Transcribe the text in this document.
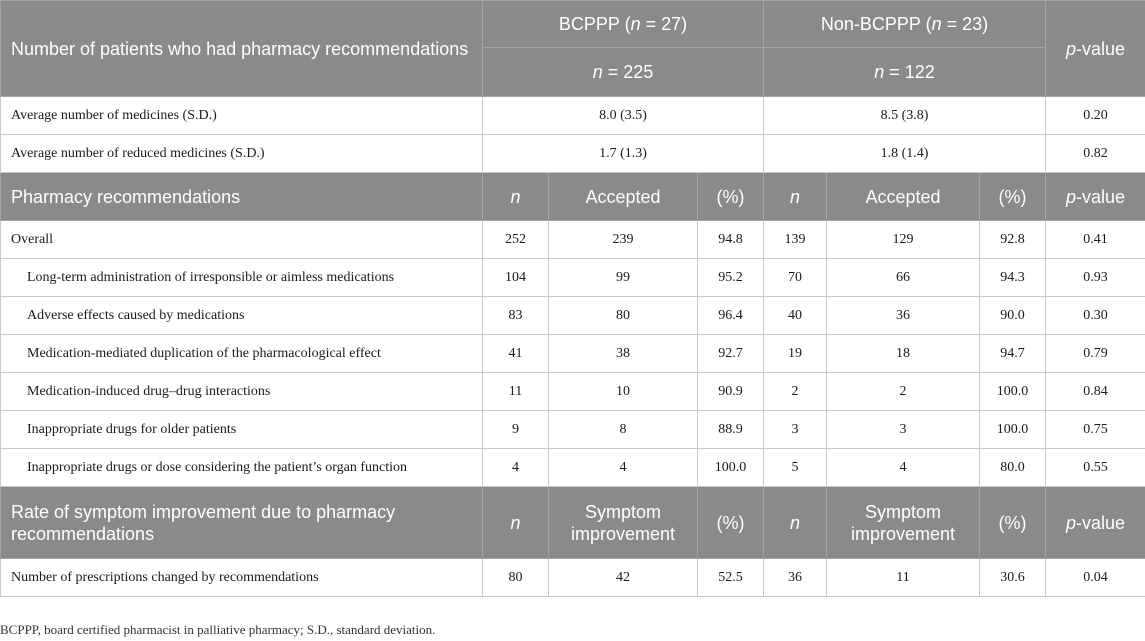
Number of patients who had pharmacy recommendations	BCPPP (n = 27)			Non-BCPPP (n = 23)			p-value
	n = 225			n = 122			
Average number of medicines (S.D.)	8.0 (3.5)			8.5 (3.8)			0.20
Average number of reduced medicines (S.D.)	1.7 (1.3)			1.8 (1.4)			0.82
Pharmacy recommendations	n	Accepted	(%)	n	Accepted	(%)	p-value
Overall	252	239	94.8	139	129	92.8	0.41
Long-term administration of irresponsible or aimless medications	104	99	95.2	70	66	94.3	0.93
Adverse effects caused by medications	83	80	96.4	40	36	90.0	0.30
Medication-mediated duplication of the pharmacological effect	41	38	92.7	19	18	94.7	0.79
Medication-induced drug–drug interactions	11	10	90.9	2	2	100.0	0.84
Inappropriate drugs for older patients	9	8	88.9	3	3	100.0	0.75
Inappropriate drugs or dose considering the patient’s organ function	4	4	100.0	5	4	80.0	0.55
Rate of symptom improvement due to pharmacy recommendations	n	Symptom improvement	(%)	n	Symptom improvement	(%)	p-value
Number of prescriptions changed by recommendations	80	42	52.5	36	11	30.6	0.04
BCPPP, board certified pharmacist in palliative pharmacy; S.D., standard deviation.
